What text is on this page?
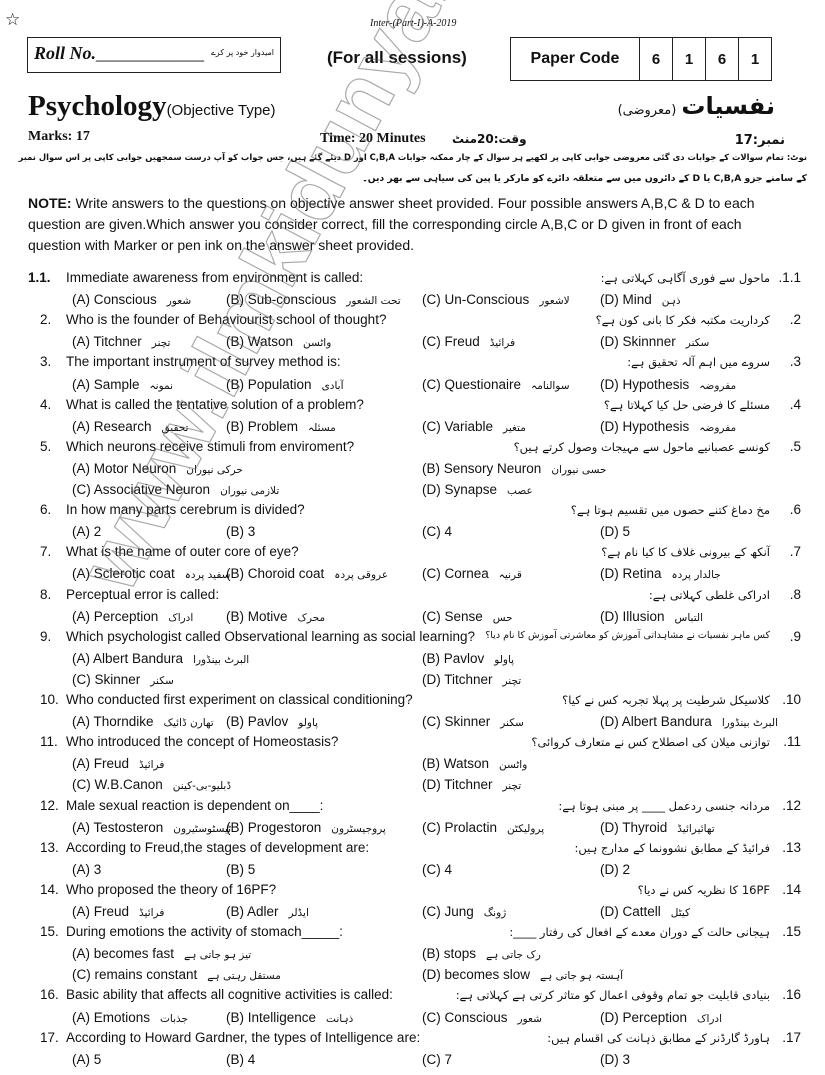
☆	Inter-(Part-I)-A-2019
Roll No.____________ امیدوار خود پر کرے	(For all sessions)	Paper Code	6	1	6	1
Psychology(Objective Type)	نفسیات (معروضی)
Marks: 17	Time: 20 Minutes وقت:20منٹ	نمبر:17
نوٹ: تمام سوالات کے جوابات دی گئی معروضی جوابی کاپی پر لکھیے ہر سوال کے چار ممکنہ جوابات C,B,A اور D دیئے گئے ہیں، جس جواب کو آپ درست سمجھیں جوابی کاپی پر اس سوال نمبر
کے سامنے جزو C,B,A یا D کے دائروں میں سے متعلقہ دائرے کو مارکر یا پین کی سیاہی سے بھر دیں۔
NOTE: Write answers to the questions on objective answer sheet provided. Four possible answers A,B,C & D to each question are given.Which answer you consider correct, fill the corresponding circle A,B,C or D given in front of each question with Marker or pen ink on the answer sheet provided.
1.1. Immediate awareness from environment is called:	ماحول سے فوری آگاہی کہلاتی ہے: .1.1
(A) Conscious شعور	(B) Sub-conscious تحت الشعور (C) Un-Conscious لاشعور (D) Mind ذہن
2. Who is the founder of Behaviourist school of thought?	کرداریت مکتبہ فکر کا بانی کون ہے؟ .2
(A) Titchner تچنر	(B) Watson واٹسن	(C) Freud فرائیڈ	(D) Skinnner سکنر
3. The important instrument of survey method is:	سروے میں اہم آلہ تحقیق ہے: .3
(A) Sample نمونہ	(B) Population آبادی	(C) Questionaire سوالنامہ (D) Hypothesis مفروضہ
4. What is called the tentative solution of a problem?	مسئلے کا فرضی حل کیا کہلاتا ہے؟ .4
(A) Research تحقیق	(B) Problem مسئلہ	(C) Variable متغیر	(D) Hypothesis مفروضہ
5. Which neurons receive stimuli from enviroment?	کونسے عصبانیے ماحول سے مہیجات وصول کرتے ہیں؟ .5
(A) Motor Neuron حرکی نیوران	(B) Sensory Neuron حسی نیوران
(C) Associative Neuron تلازمی نیوران	(D) Synapse عصب
6. In how many parts cerebrum is divided?	مخ دماغ کتنے حصوں میں تقسیم ہوتا ہے؟ .6
(A) 2	(B) 3	(C) 4	(D) 5
7. What is the name of outer core of eye?	آنکھ کے بیرونی غلاف کا کیا نام ہے؟ .7
(A) Sclerotic coat سفید پردہ
(B) Choroid coat عروقی پردہ	(C) Cornea قرنیہ	(D) Retina جالدار پردہ
8. Perceptual error is called:	ادراکی غلطی کہلاتی ہے: .8
(A) Perception ادراک (B) Motive محرک	(C) Sense حس	(D) Illusion التباس
9. Which psychologist called Observational learning as social learning? کس ماہر نفسیات نے مشاہداتی آموزش کو معاشرتی آموزش کا نام دیا؟ .9
(A) Albert Bandura البرٹ بینڈورا	(B) Pavlov پاولو
(C) Skinner سکنر	(D) Titchner تچنر
10. Who conducted first experiment on classical conditioning?	کلاسیکل شرطیت پر پہلا تجربہ کس نے کیا؟ .10
(A) Thorndike تھارن ڈائیک (B) Pavlov پاولو	(C) Skinner سکنر	(D) Albert Bandura البرٹ بینڈورا
11. Who introduced the concept of Homeostasis?	توازنی میلان کی اصطلاح کس نے متعارف کروائی؟ .11
(A) Freud فرائیڈ	(B) Watson واٹسن
(C) W.B.Canon ڈبلیو-بی-کینن	(D) Titchner تچنر
12. Male sexual reaction is dependent on____:	مردانہ جنسی ردعمل ____ پر مبنی ہوتا ہے: .12
(A) Testosteron ٹیسٹوسٹیرون
(B) Progestoron پروجیسٹرون	(C) Prolactin پرولیکٹن	(D) Thyroid تھائیرائیڈ
13. According to Freud,the stages of development are:	فرائیڈ کے مطابق نشوونما کے مدارج ہیں: .13
(A) 3	(B) 5	(C) 4	(D) 2
14. Who proposed the theory of 16PF?	16PF کا نظریہ کس نے دیا؟ .14
(A) Freud فرائیڈ	(B) Adler ایڈلر	(C) Jung ژونگ	(D) Cattell کیٹل
15. During emotions the activity of stomach_____:	ہیجانی حالت کے دوران معدے کے افعال کی رفتار ____: .15
(A) becomes fast تیز ہو جاتی ہے	(B) stops رک جاتی ہے
(C) remains constant مستقل رہتی ہے	(D) becomes slow آہستہ ہو جاتی ہے
16. Basic ability that affects all cognitive activities is called:	بنیادی قابلیت جو تمام وقوفی اعمال کو متاثر کرتی ہے کہلاتی ہے: .16
(A) Emotions جذبات	(B) Intelligence ذہانت	(C) Conscious شعور	(D) Perception ادراک
17. According to Howard Gardner, the types of Intelligence are:	ہاورڈ گارڈنر کے مطابق ذہانت کی اقسام ہیں: .17
(A) 5	(B) 4	(C) 7	(D) 3
www.ilmkidunya.com
